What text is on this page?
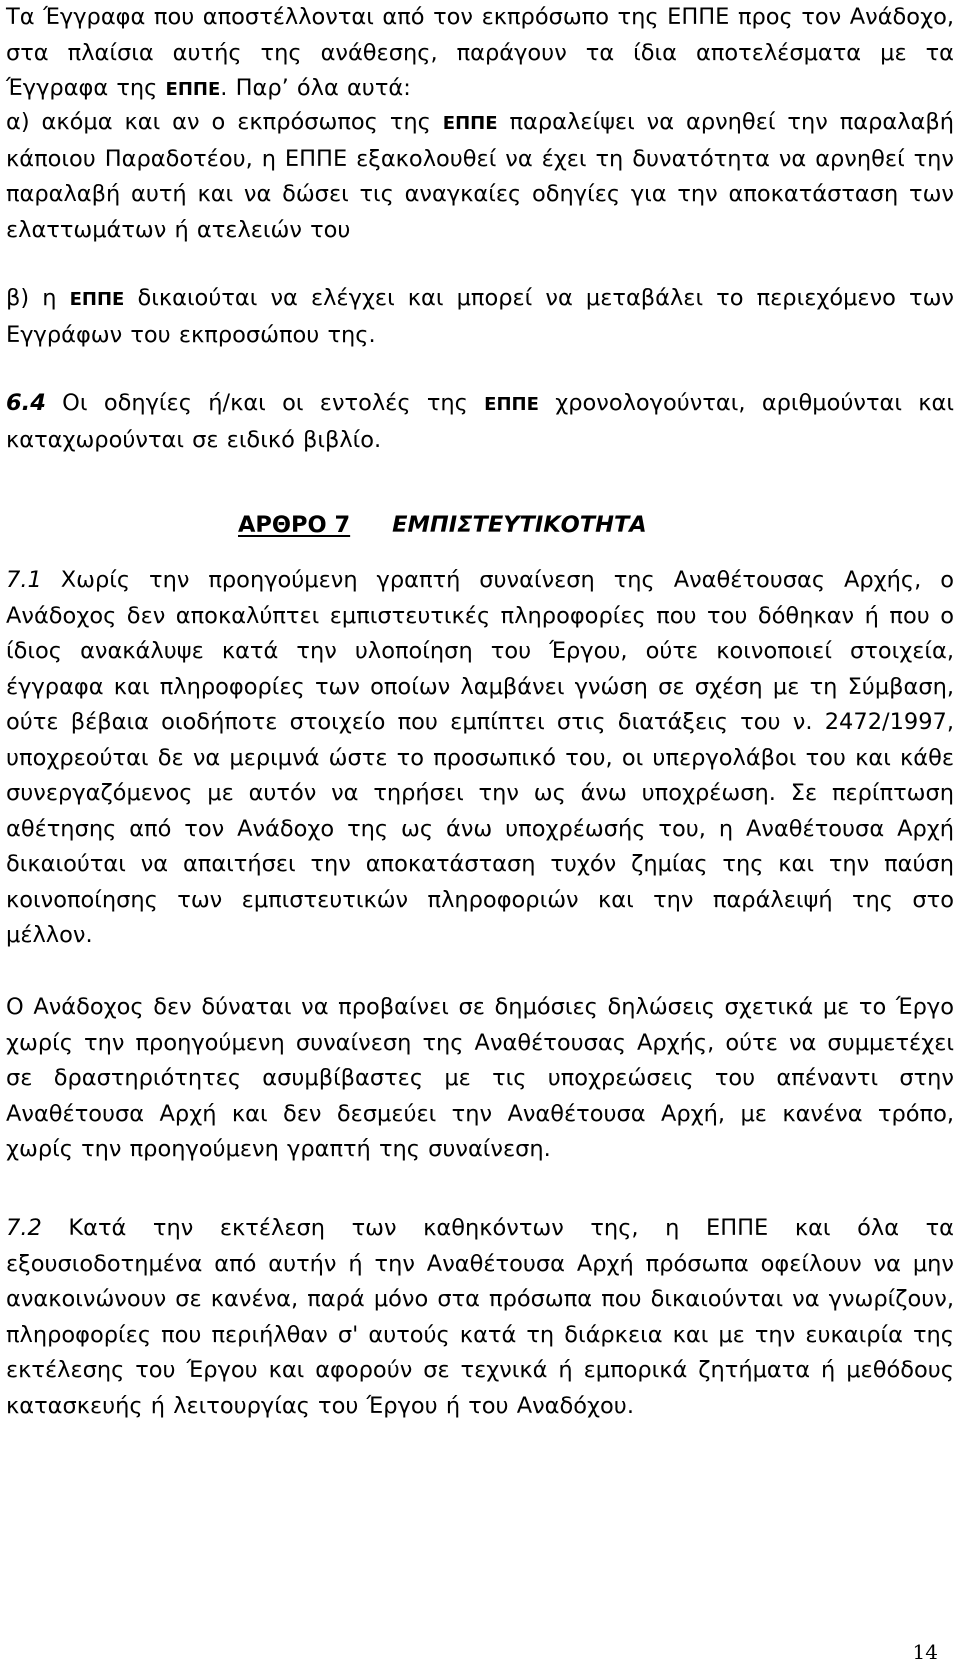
Τα Έγγραφα που αποστέλλονται από τον εκπρόσωπο της ΕΠΠΕ προς τον Ανάδοχο, στα πλαίσια αυτής της ανάθεσης, παράγουν τα ίδια αποτελέσματα με τα Έγγραφα της ΕΠΠΕ. Παρ’ όλα αυτά:

α) ακόμα και αν ο εκπρόσωπος της ΕΠΠΕ παραλείψει να αρνηθεί την παραλαβή κάποιου Παραδοτέου, η ΕΠΠΕ εξακολουθεί να έχει τη δυνατότητα να αρνηθεί την παραλαβή αυτή και να δώσει τις αναγκαίες οδηγίες για την αποκατάσταση των ελαττωμάτων ή ατελειών του

β) η ΕΠΠΕ δικαιούται να ελέγχει και μπορεί να μεταβάλει το περιεχόμενο των Εγγράφων του εκπροσώπου της.

6.4 Οι οδηγίες ή/και οι εντολές της ΕΠΠΕ χρονολογούνται, αριθμούνται και καταχωρούνται σε ειδικό βιβλίο.

ΑΡΘΡΟ 7 ΕΜΠΙΣΤΕΥΤΙΚΟΤΗΤΑ

7.1 Χωρίς την προηγούμενη γραπτή συναίνεση της Αναθέτουσας Αρχής, ο Ανάδοχος δεν αποκαλύπτει εμπιστευτικές πληροφορίες που του δόθηκαν ή που ο ίδιος ανακάλυψε κατά την υλοποίηση του Έργου, ούτε κοινοποιεί στοιχεία, έγγραφα και πληροφορίες των οποίων λαμβάνει γνώση σε σχέση με τη Σύμβαση, ούτε βέβαια οιοδήποτε στοιχείο που εμπίπτει στις διατάξεις του ν. 2472/1997, υποχρεούται δε να μεριμνά ώστε το προσωπικό του, οι υπεργολάβοι του και κάθε συνεργαζόμενος με αυτόν να τηρήσει την ως άνω υποχρέωση. Σε περίπτωση αθέτησης από τον Ανάδοχο της ως άνω υποχρέωσής του, η Αναθέτουσα Αρχή δικαιούται να απαιτήσει την αποκατάσταση τυχόν ζημίας της και την παύση κοινοποίησης των εμπιστευτικών πληροφοριών και την παράλειψή της στο μέλλον.

Ο Ανάδοχος δεν δύναται να προβαίνει σε δημόσιες δηλώσεις σχετικά με το Έργο χωρίς την προηγούμενη συναίνεση της Αναθέτουσας Αρχής, ούτε να συμμετέχει σε δραστηριότητες ασυμβίβαστες με τις υποχρεώσεις του απέναντι στην Αναθέτουσα Αρχή και δεν δεσμεύει την Αναθέτουσα Αρχή, με κανένα τρόπο, χωρίς την προηγούμενη γραπτή της συναίνεση.

7.2 Κατά την εκτέλεση των καθηκόντων της, η ΕΠΠΕ και όλα τα εξουσιοδοτημένα από αυτήν ή την Αναθέτουσα Αρχή πρόσωπα οφείλουν να μην ανακοινώνουν σε κανένα, παρά μόνο στα πρόσωπα που δικαιούνται να γνωρίζουν, πληροφορίες που περιήλθαν σ' αυτούς κατά τη διάρκεια και με την ευκαιρία της εκτέλεσης του Έργου και αφορούν σε τεχνικά ή εμπορικά ζητήματα ή μεθόδους κατασκευής ή λειτουργίας του Έργου ή του Αναδόχου.

14
